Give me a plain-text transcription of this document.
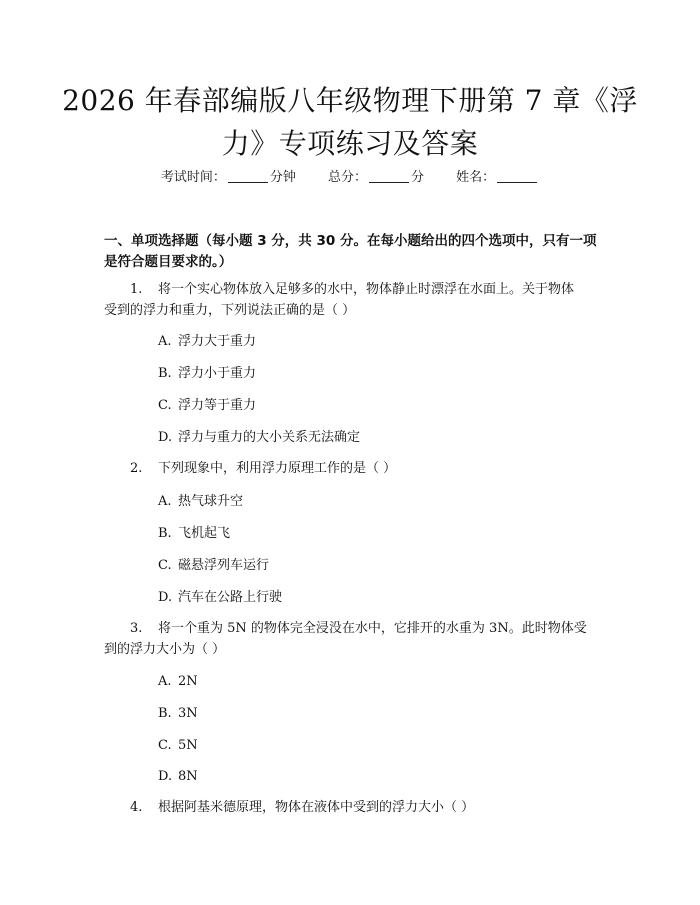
2026 年春部编版八年级物理下册第 7 章《浮
力》专项练习及答案
考试时间：	分钟 总分：	分 姓名：
一、单项选择题（每小题 3 分，共 30 分。在每小题给出的四个选项中，只有一项
是符合题目要求的。）
1. 将一个实心物体放入足够多的水中，物体静止时漂浮在水面上。关于物体
受到的浮力和重力，下列说法正确的是（ ）
A. 浮力大于重力
B. 浮力小于重力
C. 浮力等于重力
D. 浮力与重力的大小关系无法确定
2. 下列现象中，利用浮力原理工作的是（ ）
A. 热气球升空
B. 飞机起飞
C. 磁悬浮列车运行
D. 汽车在公路上行驶
3. 将一个重为 5N 的物体完全浸没在水中，它排开的水重为 3N。此时物体受
到的浮力大小为（ ）
A. 2N
B. 3N
C. 5N
D. 8N
4. 根据阿基米德原理，物体在液体中受到的浮力大小（ ）
